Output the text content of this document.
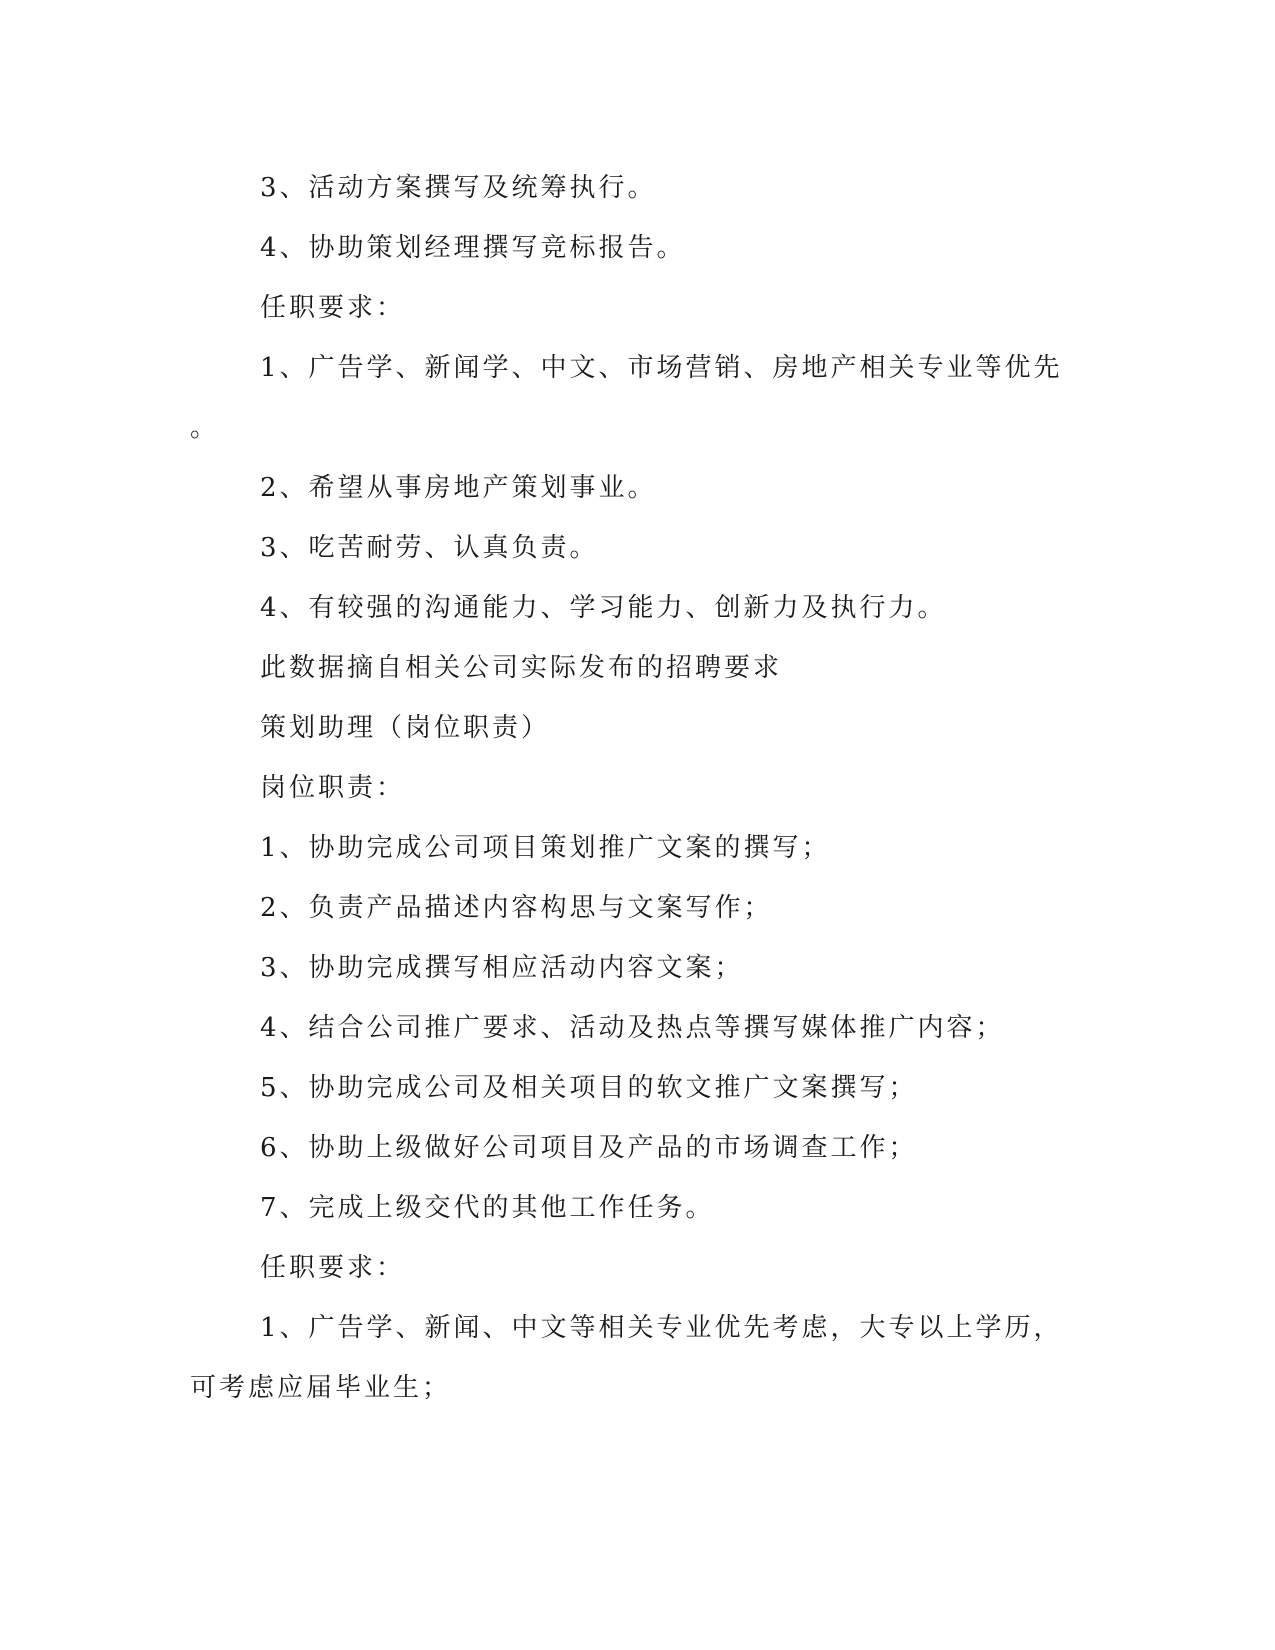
3、活动方案撰写及统筹执行。
4、协助策划经理撰写竞标报告。
任职要求：
1、广告学、新闻学、中文、市场营销、房地产相关专业等优先
。
2、希望从事房地产策划事业。
3、吃苦耐劳、认真负责。
4、有较强的沟通能力、学习能力、创新力及执行力。
此数据摘自相关公司实际发布的招聘要求
策划助理（岗位职责）
岗位职责：
1、协助完成公司项目策划推广文案的撰写；
2、负责产品描述内容构思与文案写作；
3、协助完成撰写相应活动内容文案；
4、结合公司推广要求、活动及热点等撰写媒体推广内容；
5、协助完成公司及相关项目的软文推广文案撰写；
6、协助上级做好公司项目及产品的市场调查工作；
7、完成上级交代的其他工作任务。
任职要求：
1、广告学、新闻、中文等相关专业优先考虑，大专以上学历，
可考虑应届毕业生；
